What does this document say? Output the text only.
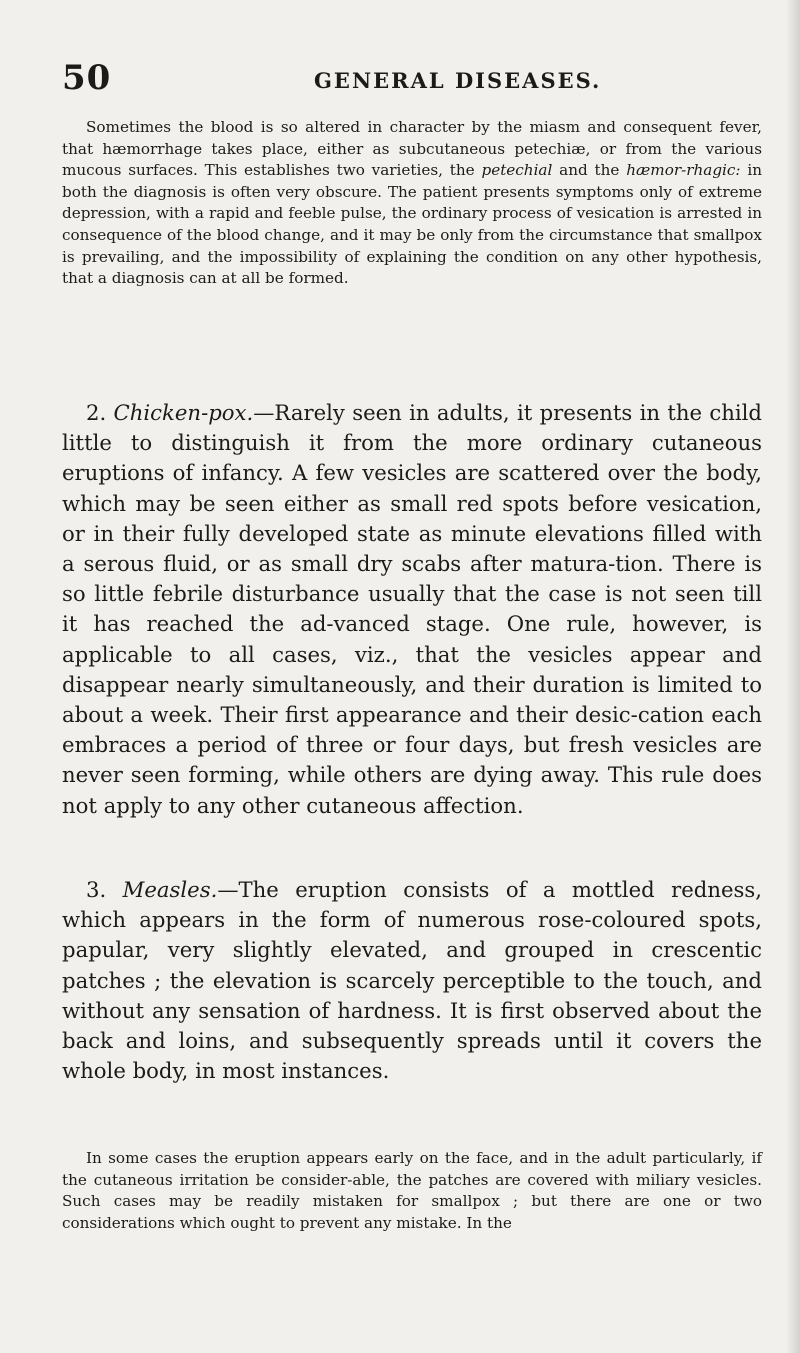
50	GENERAL DISEASES.

Sometimes the blood is so altered in character by the miasm and consequent fever, that hæmorrhage takes place, either as subcutaneous petechiæ, or from the various mucous surfaces. This establishes two varieties, the petechial and the hæmor-rhagic: in both the diagnosis is often very obscure. The patient presents symptoms only of extreme depression, with a rapid and feeble pulse, the ordinary process of vesication is arrested in consequence of the blood change, and it may be only from the circumstance that smallpox is prevailing, and the impossibility of explaining the condition on any other hypothesis, that a diagnosis can at all be formed.

2. Chicken-pox.—Rarely seen in adults, it presents in the child little to distinguish it from the more ordinary cutaneous eruptions of infancy. A few vesicles are scattered over the body, which may be seen either as small red spots before vesication, or in their fully developed state as minute elevations filled with a serous fluid, or as small dry scabs after matura-tion. There is so little febrile disturbance usually that the case is not seen till it has reached the ad-vanced stage. One rule, however, is applicable to all cases, viz., that the vesicles appear and disappear nearly simultaneously, and their duration is limited to about a week. Their first appearance and their desic-cation each embraces a period of three or four days, but fresh vesicles are never seen forming, while others are dying away. This rule does not apply to any other cutaneous affection.

3. Measles.—The eruption consists of a mottled redness, which appears in the form of numerous rose-coloured spots, papular, very slightly elevated, and grouped in crescentic patches ; the elevation is scarcely perceptible to the touch, and without any sensation of hardness. It is first observed about the back and loins, and subsequently spreads until it covers the whole body, in most instances.

In some cases the eruption appears early on the face, and in the adult particularly, if the cutaneous irritation be consider-able, the patches are covered with miliary vesicles. Such cases may be readily mistaken for smallpox ; but there are one or two considerations which ought to prevent any mistake. In the
